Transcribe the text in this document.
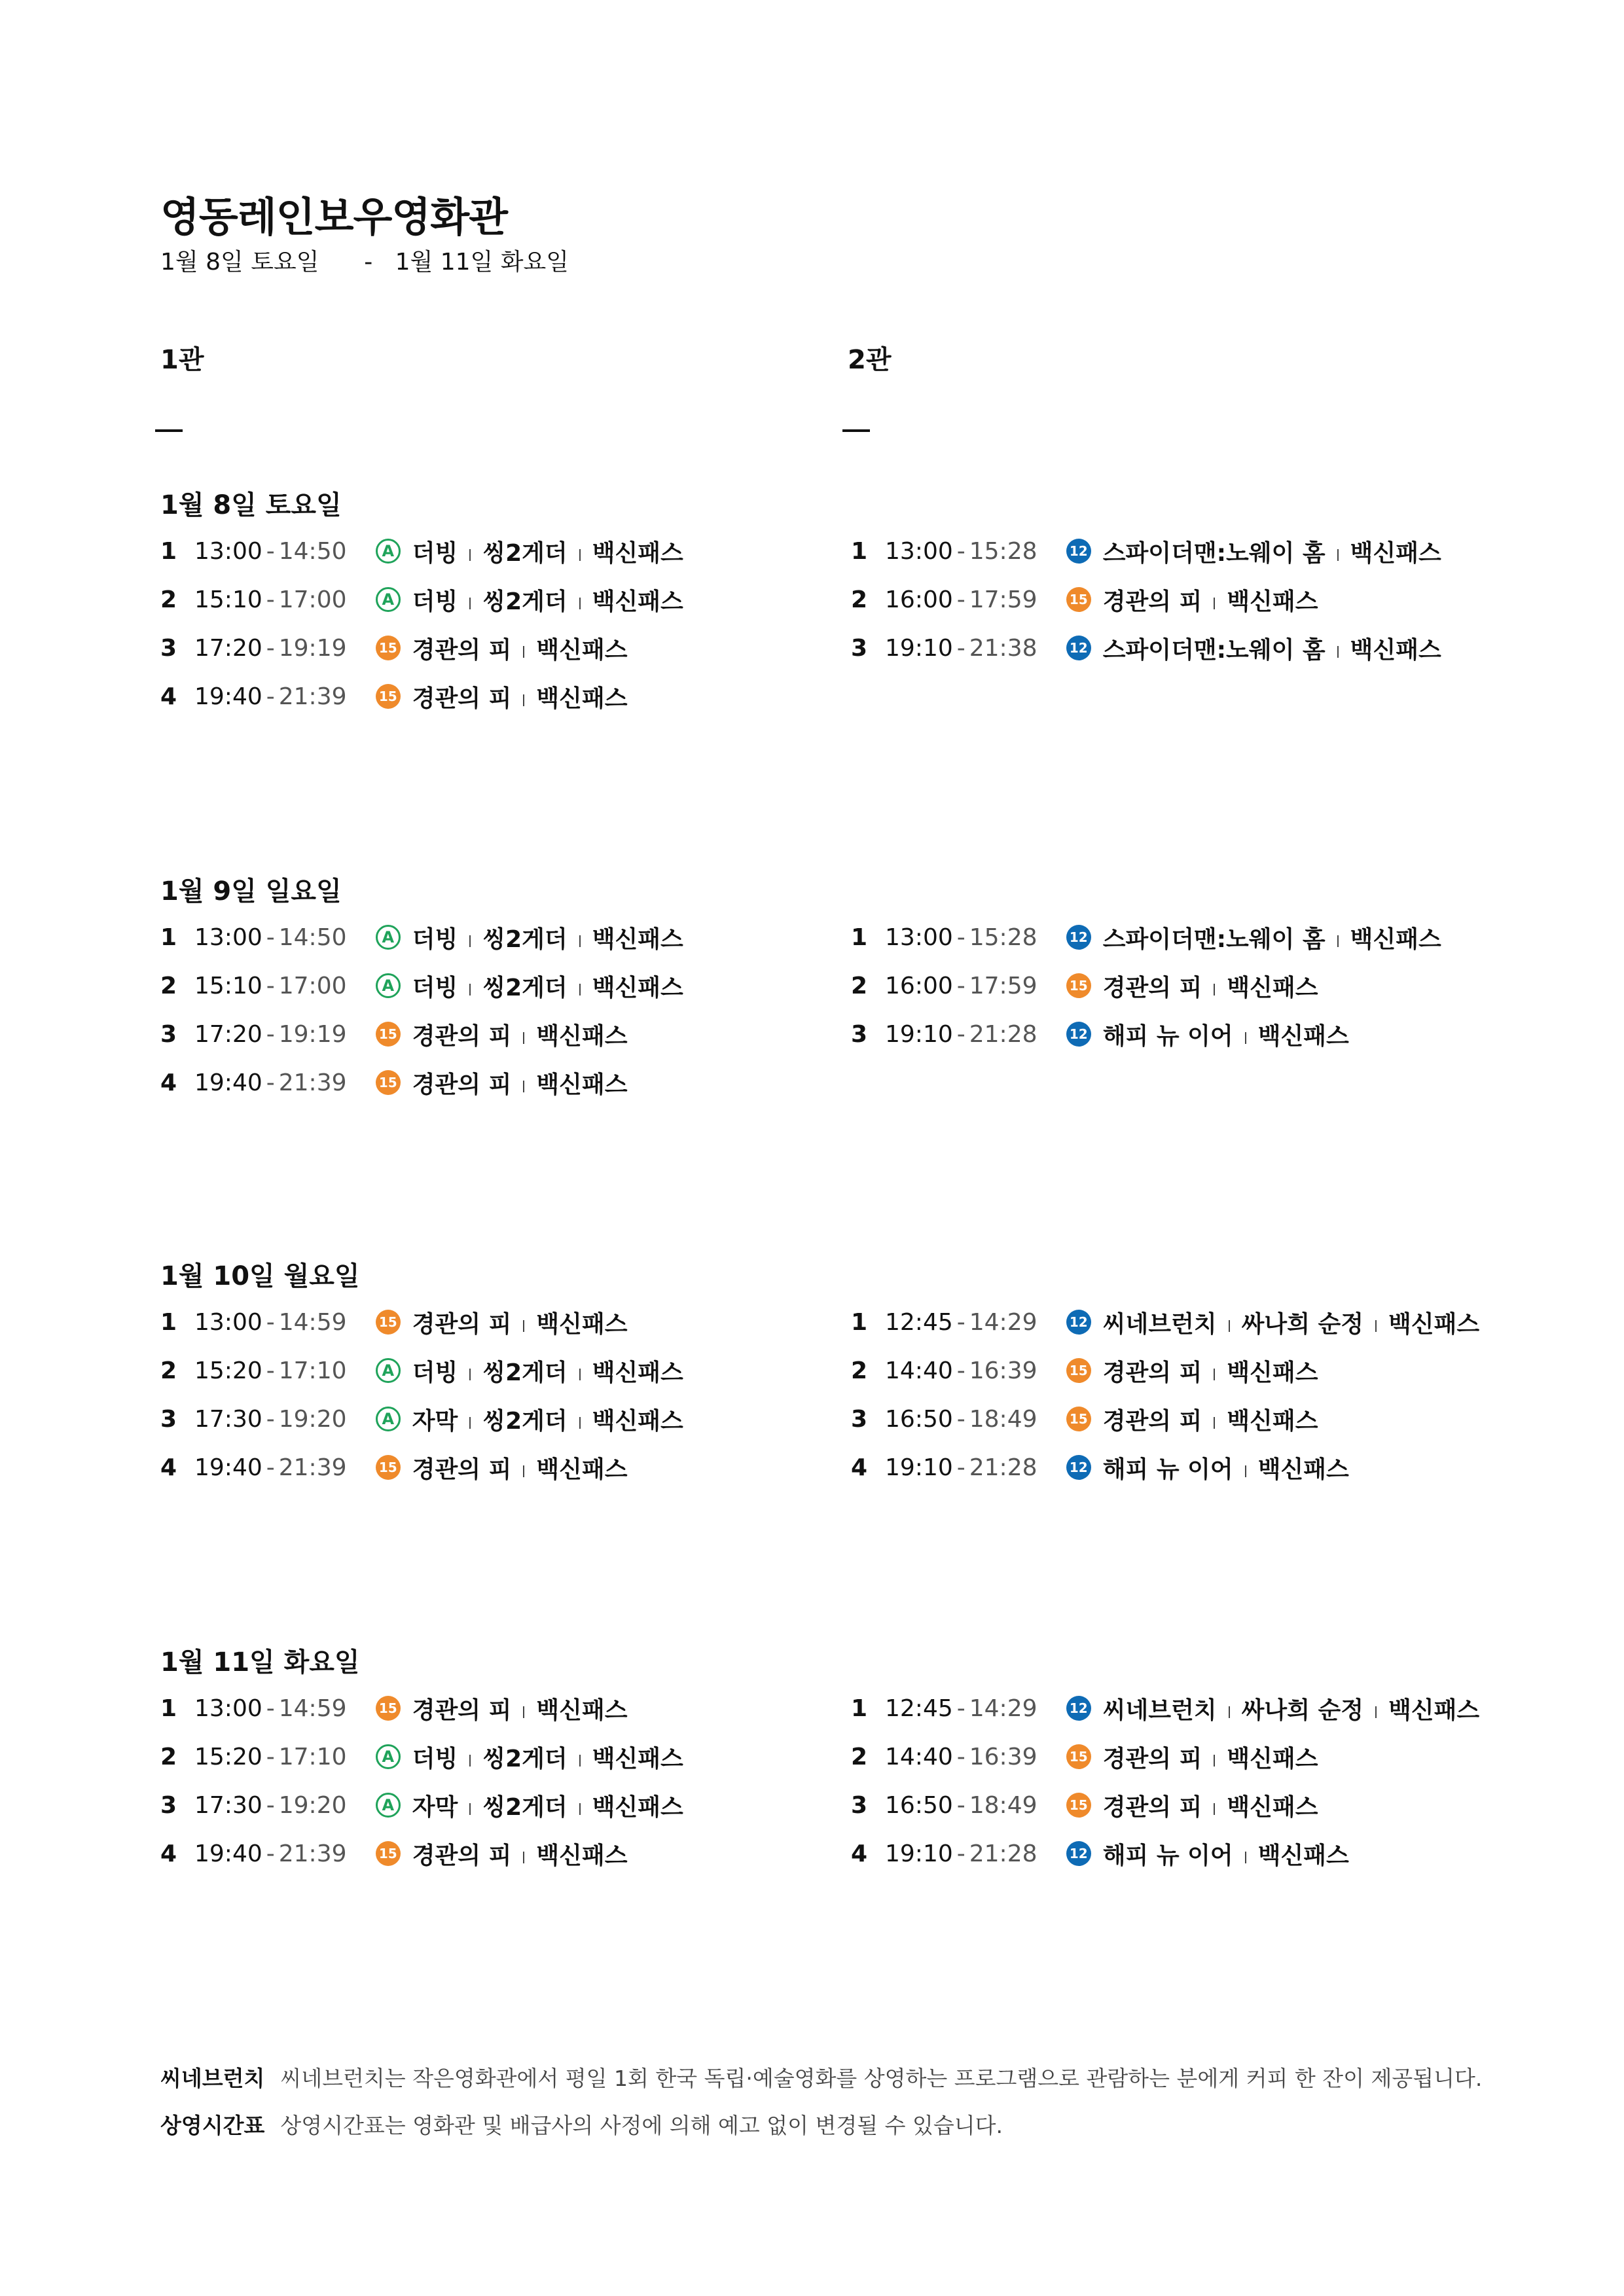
영동레인보우영화관
1월 8일 토요일 - 1월 11일 화요일
1관	2관
1월 8일 토요일
1 13:00 - 14:50	A 더빙 씽2게더 백신패스
2 15:10 - 17:00	A 더빙 씽2게더 백신패스
3 17:20 - 19:19	15 경관의 피 백신패스
4 19:40 - 21:39	15 경관의 피 백신패스
1 13:00 - 15:28	12 스파이더맨:노웨이 홈 백신패스
2 16:00 - 17:59	15 경관의 피 백신패스
3 19:10 - 21:38	12 스파이더맨:노웨이 홈 백신패스
1월 9일 일요일
1 13:00 - 14:50	A 더빙 씽2게더 백신패스
2 15:10 - 17:00	A 더빙 씽2게더 백신패스
3 17:20 - 19:19	15 경관의 피 백신패스
4 19:40 - 21:39	15 경관의 피 백신패스
1 13:00 - 15:28	12 스파이더맨:노웨이 홈 백신패스
2 16:00 - 17:59	15 경관의 피 백신패스
3 19:10 - 21:28	12 해피 뉴 이어 백신패스
1월 10일 월요일
1 13:00 - 14:59	15 경관의 피 백신패스
2 15:20 - 17:10	A 더빙 씽2게더 백신패스
3 17:30 - 19:20	A 자막 씽2게더 백신패스
4 19:40 - 21:39	15 경관의 피 백신패스
1 12:45 - 14:29	12 씨네브런치 싸나희 순정 백신패스
2 14:40 - 16:39	15 경관의 피 백신패스
3 16:50 - 18:49	15 경관의 피 백신패스
4 19:10 - 21:28	12 해피 뉴 이어 백신패스
1월 11일 화요일
1 13:00 - 14:59	15 경관의 피 백신패스
2 15:20 - 17:10	A 더빙 씽2게더 백신패스
3 17:30 - 19:20	A 자막 씽2게더 백신패스
4 19:40 - 21:39	15 경관의 피 백신패스
1 12:45 - 14:29	12 씨네브런치 싸나희 순정 백신패스
2 14:40 - 16:39	15 경관의 피 백신패스
3 16:50 - 18:49	15 경관의 피 백신패스
4 19:10 - 21:28	12 해피 뉴 이어 백신패스
씨네브런치 씨네브런치는 작은영화관에서 평일 1회 한국 독립·예술영화를 상영하는 프로그램으로 관람하는 분에게 커피 한 잔이 제공됩니다.
상영시간표 상영시간표는 영화관 및 배급사의 사정에 의해 예고 없이 변경될 수 있습니다.
